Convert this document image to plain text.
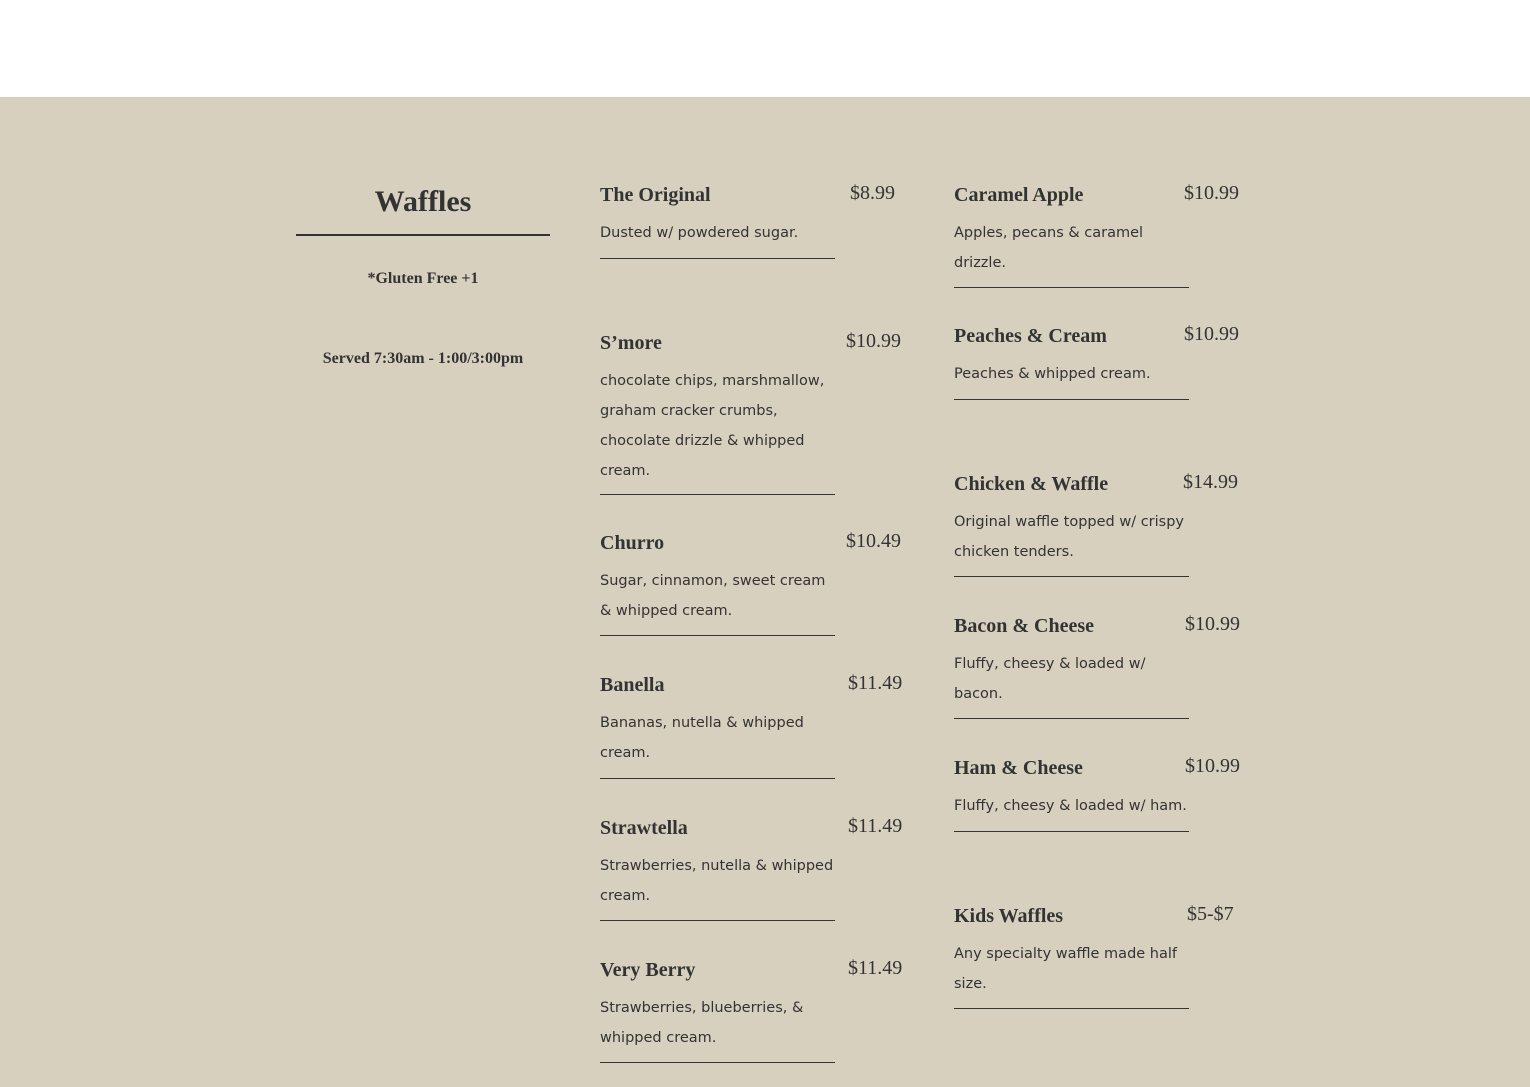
Waffles
*Gluten Free +1
Served 7:30am - 1:00/3:00pm
The Original	$8.99
Dusted w/ powdered sugar.
S’more	$10.99
chocolate chips, marshmallow, graham cracker crumbs, chocolate drizzle & whipped cream.
Churro	$10.49
Sugar, cinnamon, sweet cream & whipped cream.
Banella	$11.49
Bananas, nutella & whipped cream.
Strawtella	$11.49
Strawberries, nutella & whipped cream.
Very Berry	$11.49
Strawberries, blueberries, & whipped cream.
Caramel Apple	$10.99
Apples, pecans & caramel drizzle.
Peaches & Cream	$10.99
Peaches & whipped cream.
Chicken & Waffle	$14.99
Original waffle topped w/ crispy chicken tenders.
Bacon & Cheese	$10.99
Fluffy, cheesy & loaded w/ bacon.
Ham & Cheese	$10.99
Fluffy, cheesy & loaded w/ ham.
Kids Waffles	$5-$7
Any specialty waffle made half size.
